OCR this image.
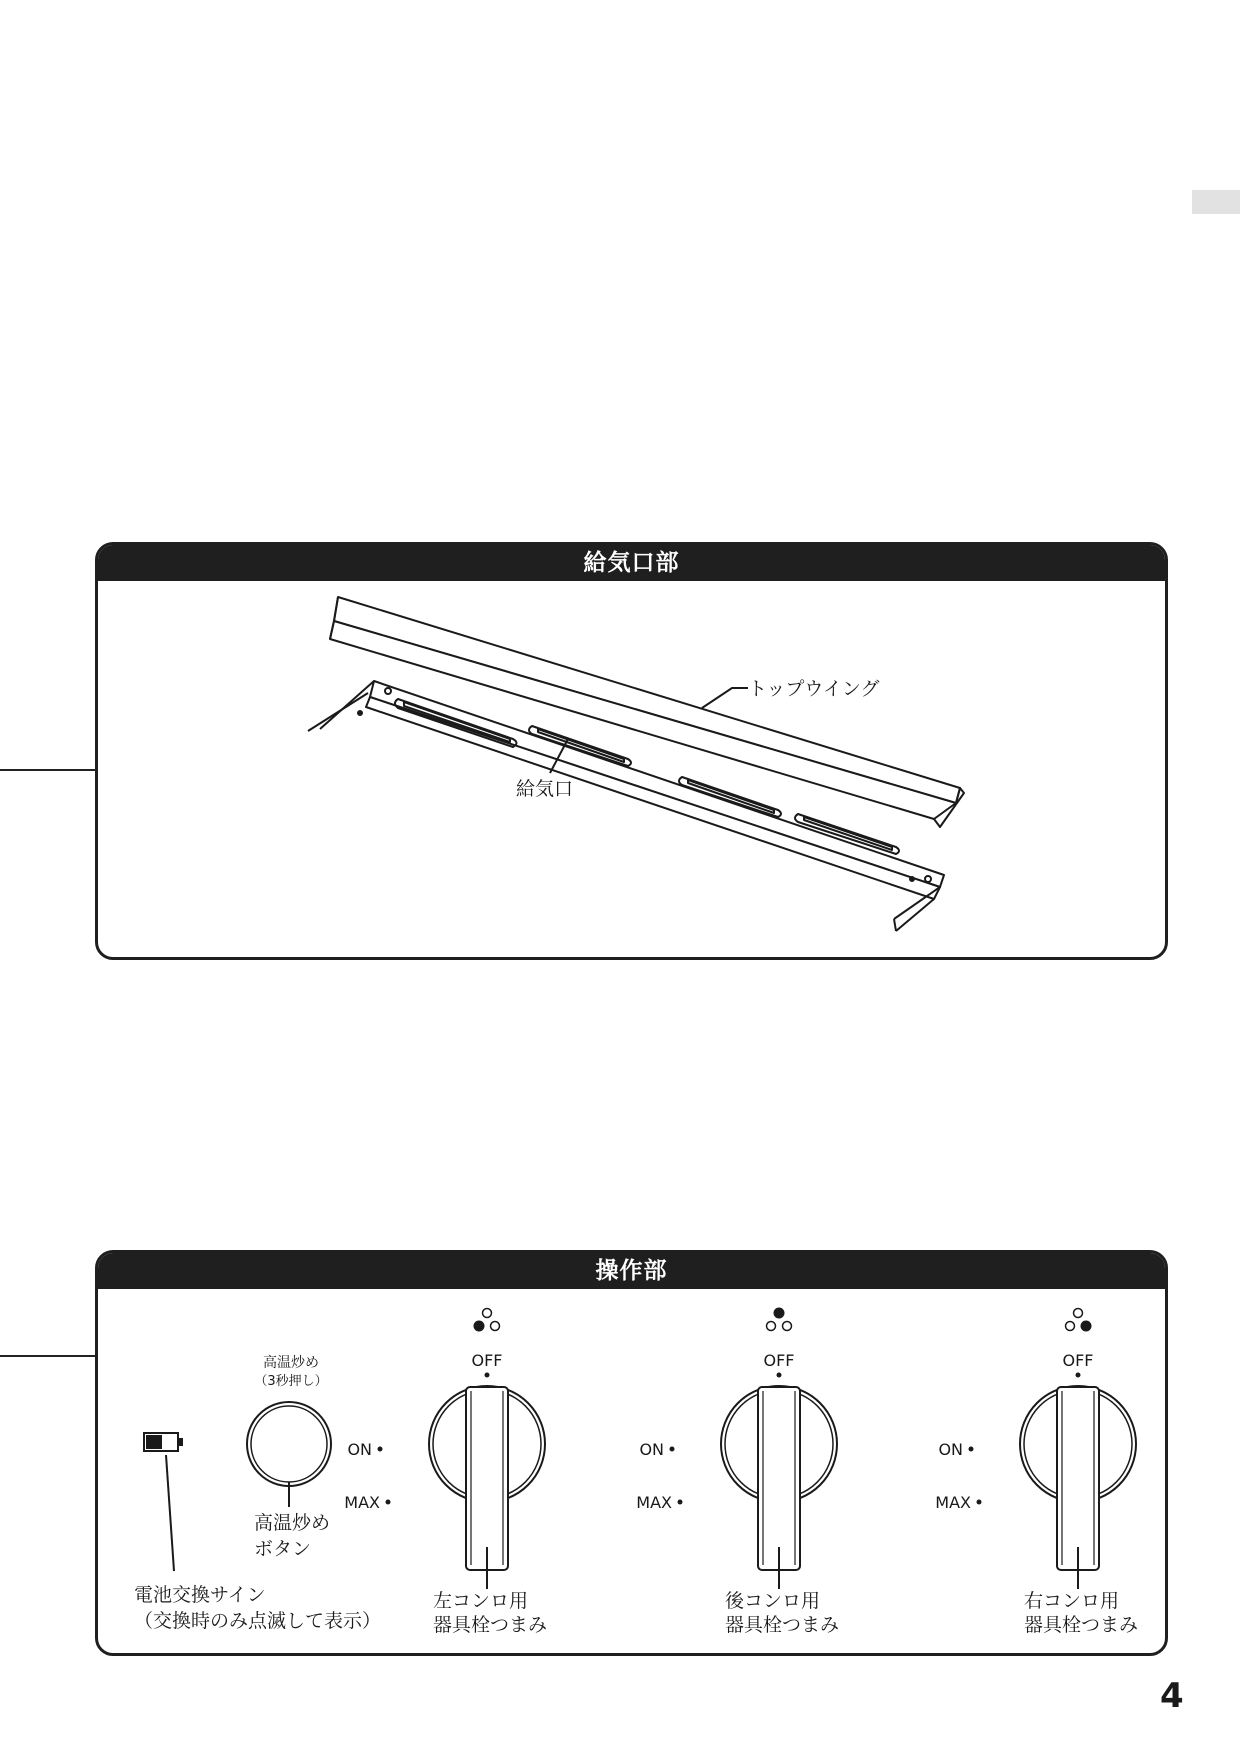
給気口部
トップウイング
給気口
操作部
電池交換サイン
（交換時のみ点滅して表示）
高温炒め
（3秒押し）
高温炒め
ボタン
OFF
ON
MAX
左コンロ用
器具栓つまみ
OFF
ON
MAX
後コンロ用
器具栓つまみ
OFF
ON
MAX
右コンロ用
器具栓つまみ
4
